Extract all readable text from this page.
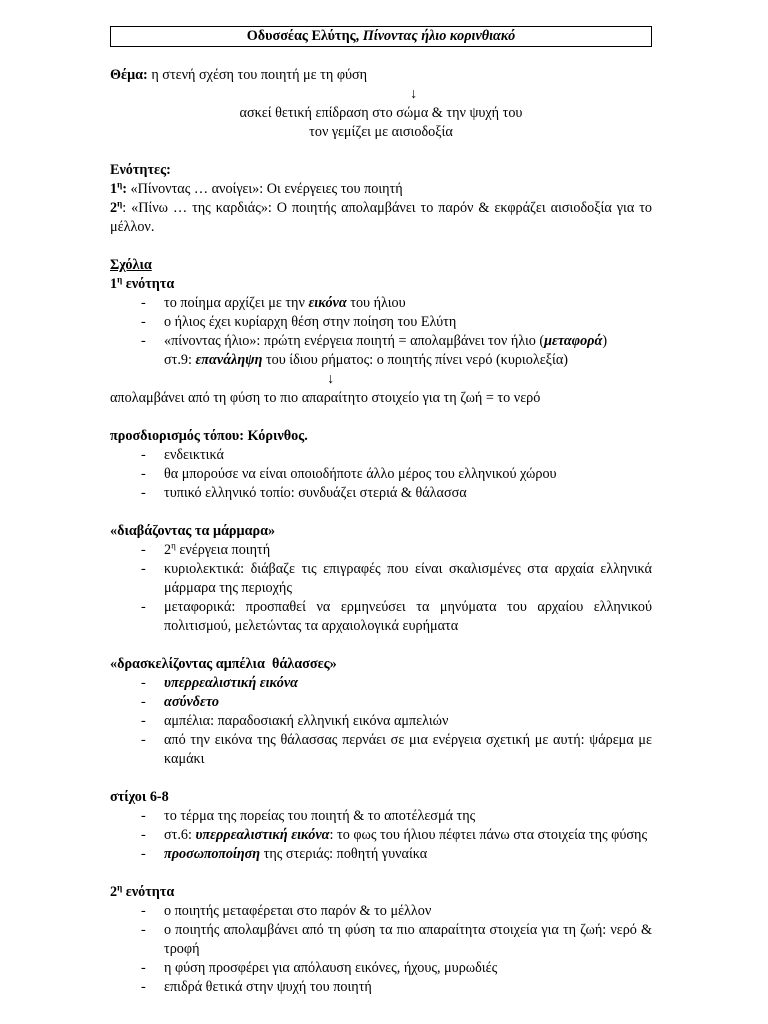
Οδυσσέας Ελύτης, Πίνοντας ήλιο κορινθιακό
Θέμα: η στενή σχέση του ποιητή με τη φύση
↓
ασκεί θετική επίδραση στο σώμα & την ψυχή του
τον γεμίζει με αισιοδοξία
Ενότητες:
$1^\eta$: «Πίνοντας … ανοίγει»: Οι ενέργειες του ποιητή
$2^\eta$: «Πίνω … της καρδιάς»: Ο ποιητής απολαμβάνει το παρόν & εκφράζει αισιοδοξία για το μέλλον.
Σχόλια
$1^\eta$ ενότητα
- το ποίημα αρχίζει με την εικόνα του ήλιου
- ο ήλιος έχει κυρίαρχη θέση στην ποίηση του Ελύτη
- «πίνοντας ήλιο»: πρώτη ενέργεια ποιητή = απολαμβάνει τον ήλιο (μεταφορά)
στ.9: επανάληψη του ίδιου ρήματος: ο ποιητής πίνει νερό (κυριολεξία)
↓
απολαμβάνει από τη φύση το πιο απαραίτητο στοιχείο για τη ζωή = το νερό
προσδιορισμός τόπου: Κόρινθος.
- ενδεικτικά
- θα μπορούσε να είναι οποιοδήποτε άλλο μέρος του ελληνικού χώρου
- τυπικό ελληνικό τοπίο: συνδυάζει στεριά & θάλασσα
«διαβάζοντας τα μάρμαρα»
- $2^\eta$ ενέργεια ποιητή
- κυριολεκτικά: διάβαζε τις επιγραφές που είναι σκαλισμένες στα αρχαία ελληνικά μάρμαρα της περιοχής
- μεταφορικά: προσπαθεί να ερμηνεύσει τα μηνύματα του αρχαίου ελληνικού πολιτισμού, μελετώντας τα αρχαιολογικά ευρήματα
«δρασκελίζοντας αμπέλια  θάλασσες»
- υπερρεαλιστική εικόνα
- ασύνδετο
- αμπέλια: παραδοσιακή ελληνική εικόνα αμπελιών
- από την εικόνα της θάλασσας περνάει σε μια ενέργεια σχετική με αυτή: ψάρεμα με καμάκι
στίχοι 6-8
- το τέρμα της πορείας του ποιητή & το αποτέλεσμά της
- στ.6: υπερρεαλιστική εικόνα: το φως του ήλιου πέφτει πάνω στα στοιχεία της φύσης
- προσωποποίηση της στεριάς: ποθητή γυναίκα
$2^\eta$ ενότητα
- ο ποιητής μεταφέρεται στο παρόν & το μέλλον
- ο ποιητής απολαμβάνει από τη φύση τα πιο απαραίτητα στοιχεία για τη ζωή: νερό & τροφή
- η φύση προσφέρει για απόλαυση εικόνες, ήχους, μυρωδιές
- επιδρά θετικά στην ψυχή του ποιητή
